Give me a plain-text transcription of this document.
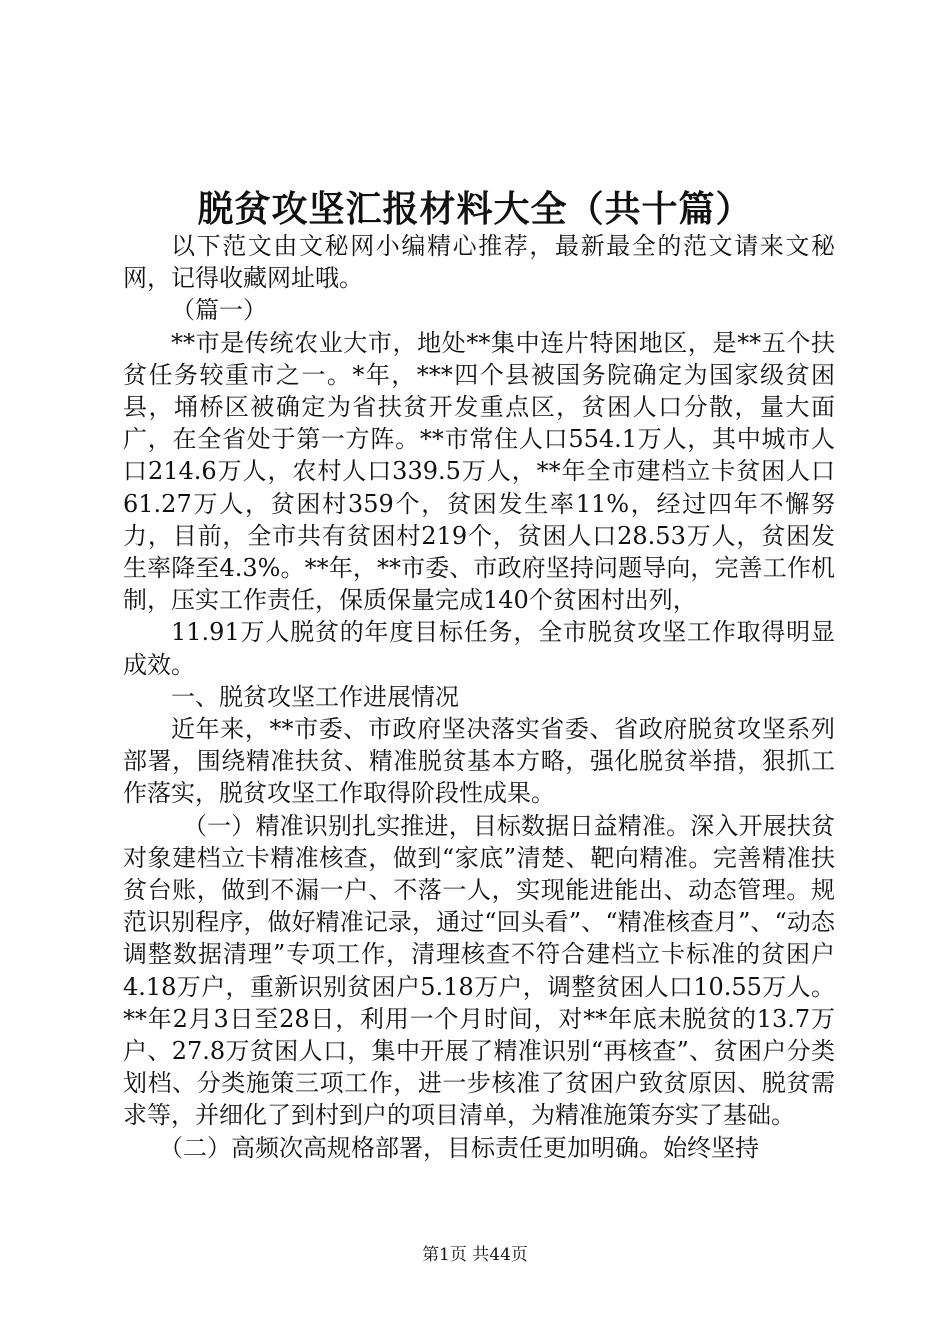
脱贫攻坚汇报材料大全（共十篇）

以下范文由文秘网小编精心推荐，最新最全的范文请来文秘网，记得收藏网址哦。

（篇一）

**市是传统农业大市，地处**集中连片特困地区，是**五个扶贫任务较重市之一。*年，***四个县被国务院确定为国家级贫困县，埇桥区被确定为省扶贫开发重点区，贫困人口分散，量大面广，在全省处于第一方阵。**市常住人口554.1万人，其中城市人口214.6万人，农村人口339.5万人，**年全市建档立卡贫困人口61.27万人，贫困村359个，贫困发生率11%，经过四年不懈努力，目前，全市共有贫困村219个，贫困人口28.53万人，贫困发生率降至4.3%。**年，**市委、市政府坚持问题导向，完善工作机制，压实工作责任，保质保量完成140个贫困村出列，

11.91万人脱贫的年度目标任务，全市脱贫攻坚工作取得明显成效。

一、脱贫攻坚工作进展情况

近年来，**市委、市政府坚决落实省委、省政府脱贫攻坚系列部署，围绕精准扶贫、精准脱贫基本方略，强化脱贫举措，狠抓工作落实，脱贫攻坚工作取得阶段性成果。

（一）精准识别扎实推进，目标数据日益精准。深入开展扶贫对象建档立卡精准核查，做到“家底”清楚、靶向精准。完善精准扶贫台账，做到不漏一户、不落一人，实现能进能出、动态管理。规范识别程序，做好精准记录，通过“回头看”、“精准核查月”、“动态调整数据清理”专项工作，清理核查不符合建档立卡标准的贫困户4.18万户，重新识别贫困户5.18万户，调整贫困人口10.55万人。**年2月3日至28日，利用一个月时间，对**年底未脱贫的13.7万户、27.8万贫困人口，集中开展了精准识别“再核查”、贫困户分类划档、分类施策三项工作，进一步核准了贫困户致贫原因、脱贫需求等，并细化了到村到户的项目清单，为精准施策夯实了基础。

（二）高频次高规格部署，目标责任更加明确。始终坚持

第1页 共44页
